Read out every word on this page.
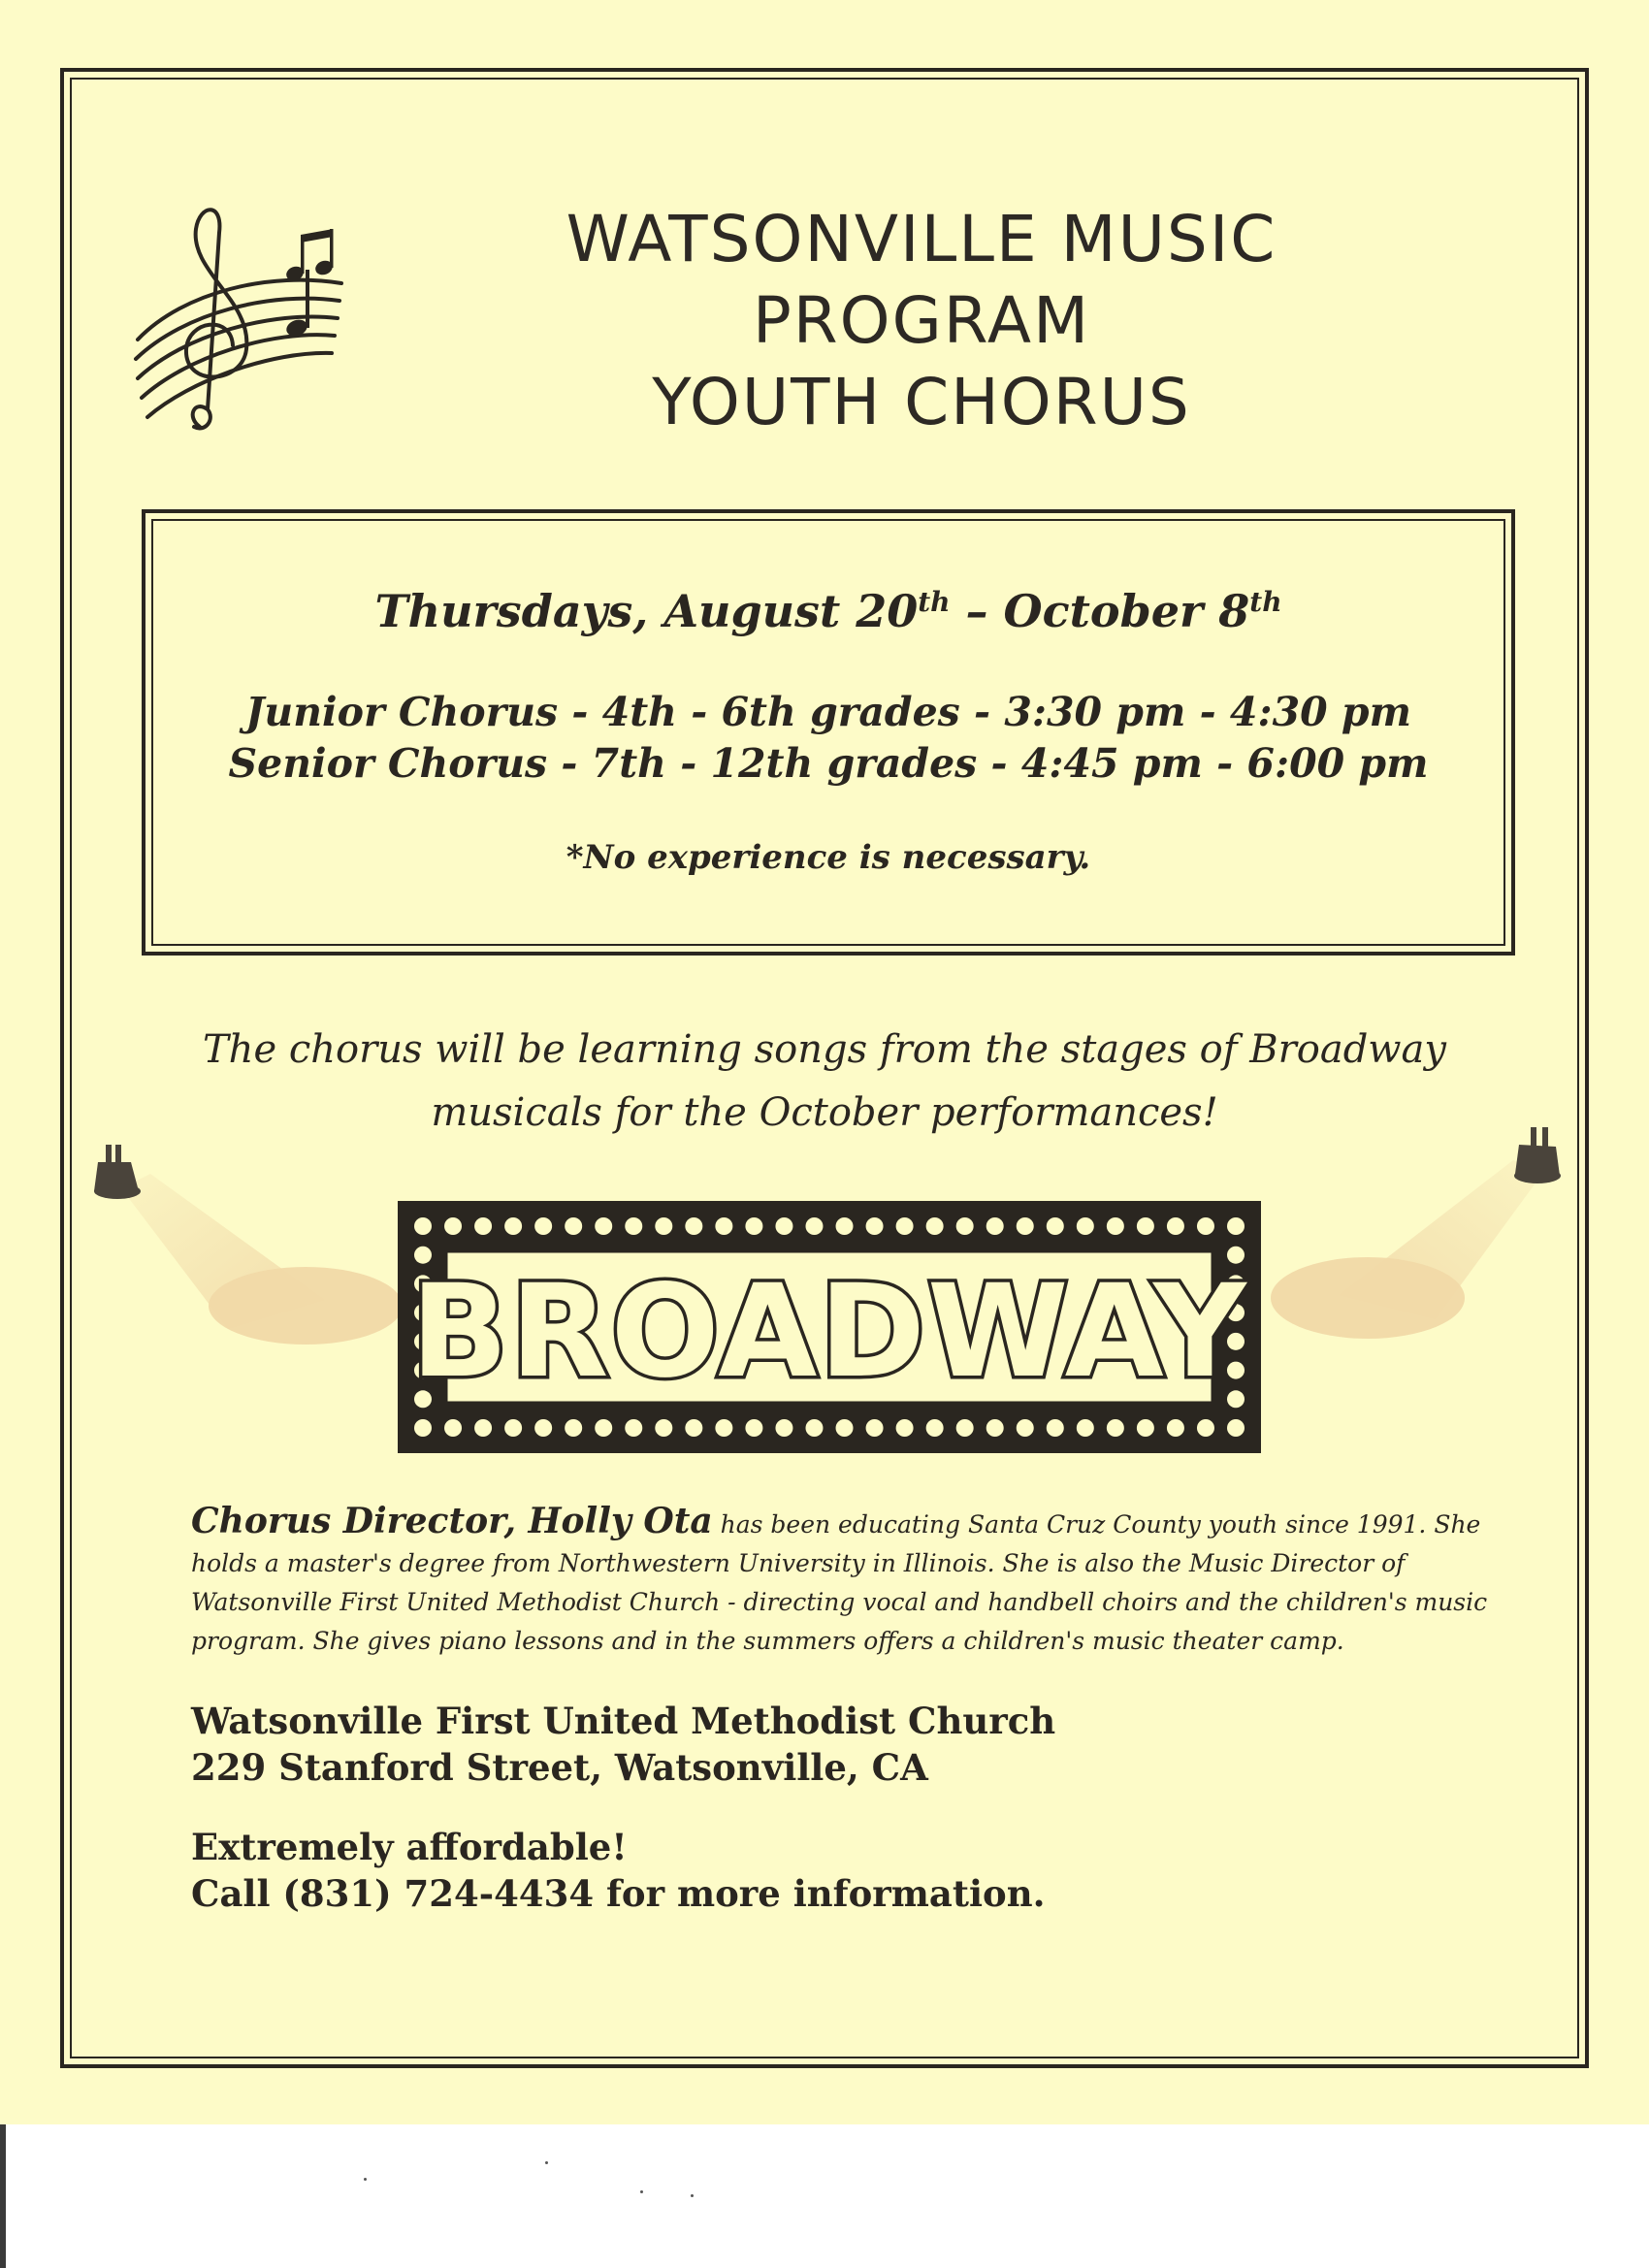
WATSONVILLE MUSIC
PROGRAM
YOUTH CHORUS
Thursdays, August 20th – October 8th
Junior Chorus - 4th - 6th grades - 3:30 pm - 4:30 pm
Senior Chorus - 7th - 12th grades - 4:45 pm - 6:00 pm
*No experience is necessary.
The chorus will be learning songs from the stages of Broadway
musicals for the October performances!
BROADWAY
Chorus Director, Holly Ota has been educating Santa Cruz County youth since 1991. She holds a master's degree from Northwestern University in Illinois. She is also the Music Director of Watsonville First United Methodist Church - directing vocal and handbell choirs and the children's music program. She gives piano lessons and in the summers offers a children's music theater camp.
Watsonville First United Methodist Church
229 Stanford Street, Watsonville, CA
Extremely affordable!
Call (831) 724-4434 for more information.
